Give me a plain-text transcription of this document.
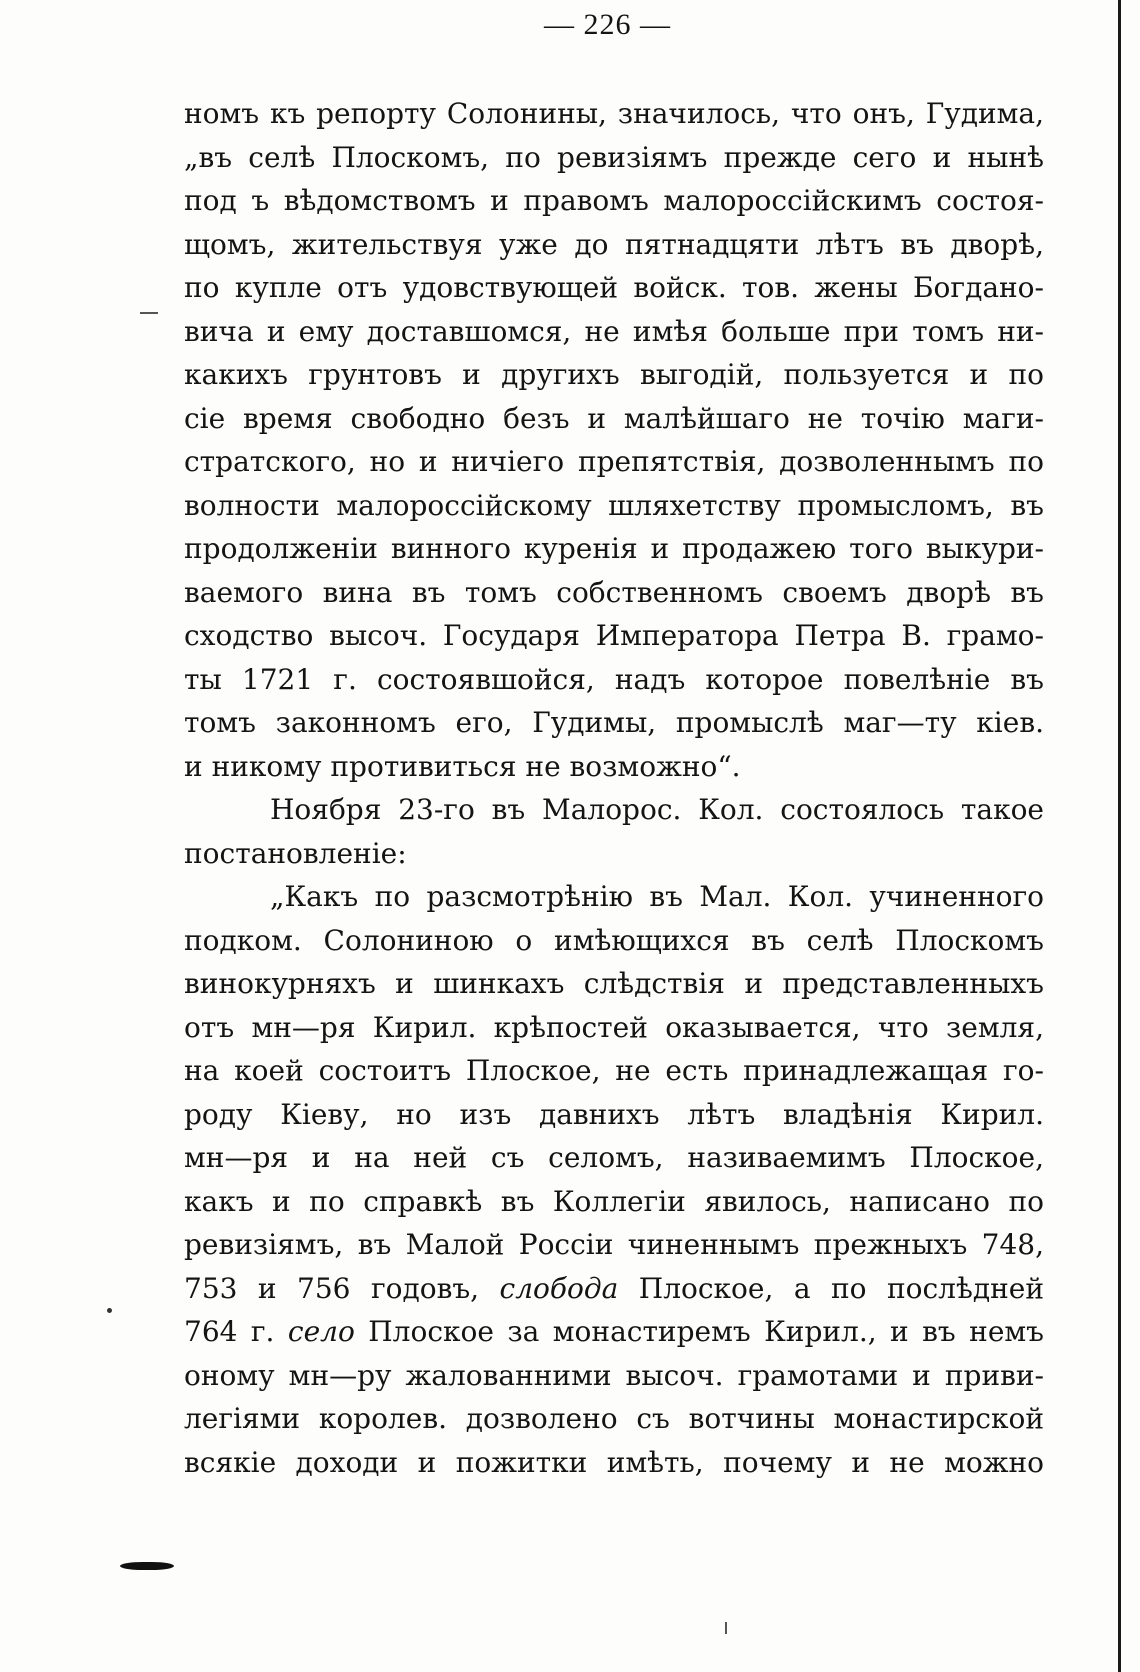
— 226 —
номъ къ репорту Солонины, значилось, что онъ, Гудима,
„въ селѣ Плоскомъ, по ревизіямъ прежде сего и нынѣ
под ъ вѣдомствомъ и правомъ малороссійскимъ состоя-
щомъ, жительствуя уже до пятнадцяти лѣтъ въ дворѣ,
по купле отъ удовствующей войск. тов. жены Богдано-
вича и ему доставшомся, не имѣя больше при томъ ни-
какихъ грунтовъ и другихъ выгодій, пользуется и по
сіе время свободно безъ и малѣйшаго не точію маги-
стратского, но и ничіего препятствія, дозволеннымъ по
волности малороссійскому шляхетству промысломъ, въ
продолженіи винного куренія и продажею того выкури-
ваемого вина въ томъ собственномъ своемъ дворѣ въ
сходство высоч. Государя Императора Петра В. грамо-
ты 1721 г. состоявшойся, надъ которое повелѣніе въ
томъ законномъ его, Гудимы, промыслѣ маг—ту кіев.
и никому противиться не возможно“.
Ноября 23-го въ Малорос. Кол. состоялось такое
постановленіе:
„Какъ по разсмотрѣнію въ Мал. Кол. учиненного
подком. Солониною о имѣющихся въ селѣ Плоскомъ
винокурняхъ и шинкахъ слѣдствія и представленныхъ
отъ мн—ря Кирил. крѣпостей оказывается, что земля,
на коей состоитъ Плоское, не есть принадлежащая го-
роду Кіеву, но изъ давнихъ лѣтъ владѣнія Кирил.
мн—ря и на ней съ селомъ, називаемимъ Плоское,
какъ и по справкѣ въ Коллегіи явилось, написано по
ревизіямъ, въ Малой Россіи чиненнымъ прежныхъ 748,
753 и 756 годовъ, слобода Плоское, а по послѣдней
764 г. село Плоское за монастиремъ Кирил., и въ немъ
оному мн—ру жалованними высоч. грамотами и приви-
легіями королев. дозволено съ вотчины монастирской
всякіе доходи и пожитки имѣть, почему и не можно
